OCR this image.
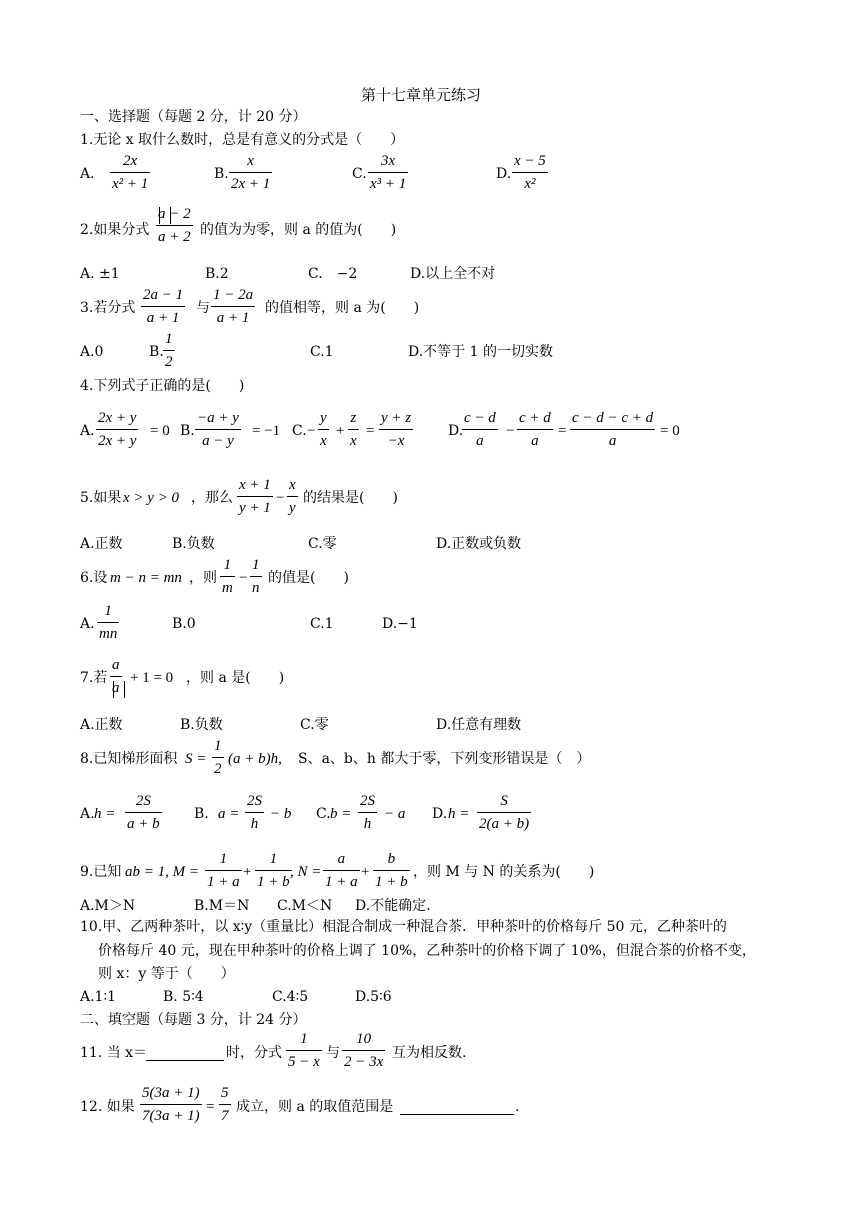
第十七章单元练习
一、选择题（每题 2 分，计 20 分）
1.无论 x 取什么数时，总是有意义的分式是（　　）
A．
2x
x² + 1
B.
x
2x + 1
C.
3x
x³ + 1
D.
x − 5
x²
2.如果分式
a − 2
a + 2 的值为为零，则 a 的值为(　　)
A. ±1	B.2	C.　−2	D.以上全不对
3.若分式
2a − 1
a + 1
与
1 − 2a
a + 1
的值相等，则 a 为(　　)
A.0	B.
1
2
C.1	D.不等于 1 的一切实数
4.下列式子正确的是(　　)
A.
2x + y
2x + y
= 0 B.
−a + y
a − y
= −1 C. −
y
x
+
z
x
=
y + z
−x
D.
c − d
a
−
c + d
a
=
c − d − c + d
a
= 0
5.如果 x > y > 0 ，那么
x + 1
y + 1
−
x
y
的结果是(　　)
A.正数	B.负数	C.零	D.正数或负数
6.设 m − n = mn ，则
1
m
−
1
n
的值是(　　)
A.
1
mn
B.0	C.1	D.−1
7.若
a
a
+ 1 = 0 ，则 a 是(　　)
A.正数	B.负数	C.零	D.任意有理数
8.已知梯形面积 S =
1
2
(a + b)h, S、a、b、h 都大于零，下列变形错误是（　）
A. h =
2S
a + b
B. a =
2S
h
− b C. b =
2S
h
− a D. h =
S
2(a + b)
9.已知 ab = 1, M =
1
1 + a
+
1
1 + b
, N =
a
1 + a
+
b
1 + b
，则 M 与 N 的关系为(　　)
A.M＞N	B.M＝N C.M＜N D.不能确定.
10.甲、乙两种茶叶，以 x∶y（重量比）相混合制成一种混合茶．甲种茶叶的价格每斤 50 元，乙种茶叶的
价格每斤 40 元，现在甲种茶叶的价格上调了 10%，乙种茶叶的价格下调了 10%，但混合茶的价格不变，
则 x：y 等于（　　）
A.1∶1	B. 5∶4	C.4∶5	D.5∶6
二、填空题（每题 3 分，计 24 分）
11. 当 x＝	时，分式
1
5 − x
与
10
2 − 3x
互为相反数.
12. 如果
5(3a + 1)
7(3a + 1)
=
5
7
成立，则 a 的取值范围是	.
